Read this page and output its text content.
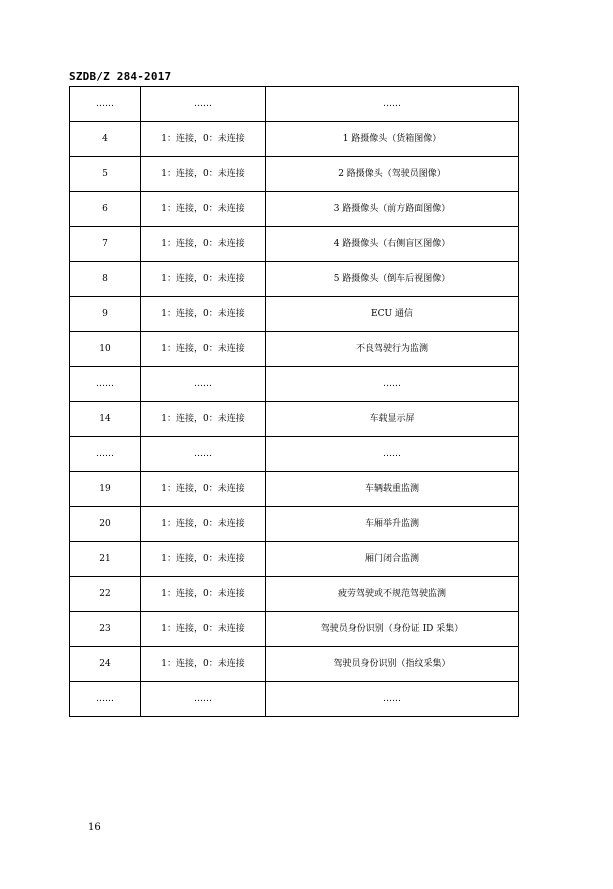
SZDB/Z 284-2017
……	……	……
4	1：连接，0：未连接	1 路摄像头（货箱图像）
5	1：连接，0：未连接	2 路摄像头（驾驶员图像）
6	1：连接，0：未连接	3 路摄像头（前方路面图像）
7	1：连接，0：未连接	4 路摄像头（右侧盲区图像）
8	1：连接，0：未连接	5 路摄像头（倒车后视图像）
9	1：连接，0：未连接	ECU 通信
10	1：连接，0：未连接	不良驾驶行为监测
……	……	……
14	1：连接，0：未连接	车载显示屏
……	……	……
19	1：连接，0：未连接	车辆载重监测
20	1：连接，0：未连接	车厢举升监测
21	1：连接，0：未连接	厢门闭合监测
22	1：连接，0：未连接	疲劳驾驶或不规范驾驶监测
23	1：连接，0：未连接	驾驶员身份识别（身份证 ID 采集）
24	1：连接，0：未连接	驾驶员身份识别（指纹采集）
……	……	……
16
